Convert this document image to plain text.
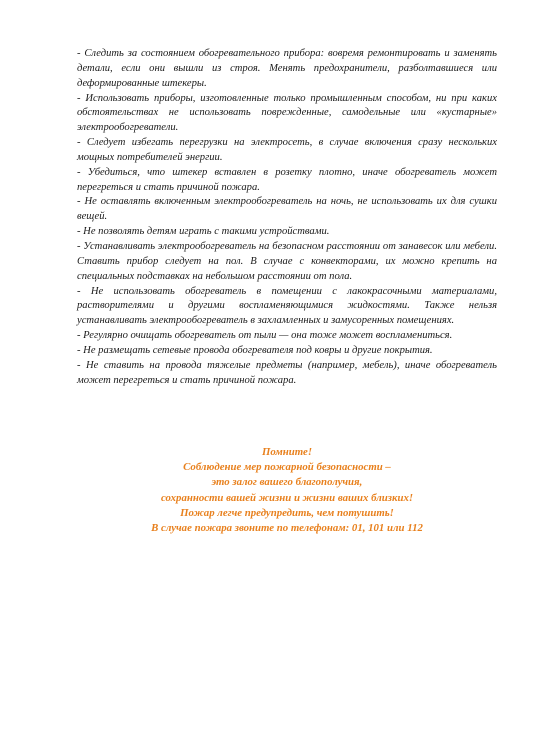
- Следить за состоянием обогревательного прибора: вовремя ремонтировать и заменять детали, если они вышли из строя. Менять предохранители, разболтавшиеся или деформированные штекеры.

- Использовать приборы, изготовленные только промышленным способом, ни при каких обстоятельствах не использовать поврежденные, самодельные или «кустарные» электрообогреватели.

- Следует избегать перегрузки на электросеть, в случае включения сразу нескольких мощных потребителей энергии.

- Убедиться, что штекер вставлен в розетку плотно, иначе обогреватель может перегреться и стать причиной пожара.

- Не оставлять включенным электрообогреватель на ночь, не использовать их для сушки вещей.

- Не позволять детям играть с такими устройствами.

- Устанавливать электрообогреватель на безопасном расстоянии от занавесок или мебели. Ставить прибор следует на пол. В случае с конвекторами, их можно крепить на специальных подставках на небольшом расстоянии от пола.

- Не использовать обогреватель в помещении с лакокрасочными материалами, растворителями и другими воспламеняющимися жидкостями. Также нельзя устанавливать электрообогреватель в захламленных и замусоренных помещениях.

- Регулярно очищать обогреватель от пыли — она тоже может воспламениться.

- Не размещать сетевые провода обогревателя под ковры и другие покрытия.

- Не ставить на провода тяжелые предметы (например, мебель), иначе обогреватель может перегреться и стать причиной пожара.

Помните!
Соблюдение мер пожарной безопасности –
это залог вашего благополучия,
сохранности вашей жизни и жизни ваших близких!
Пожар легче предупредить, чем потушить!
В случае пожара звоните по телефонам: 01, 101 или 112
